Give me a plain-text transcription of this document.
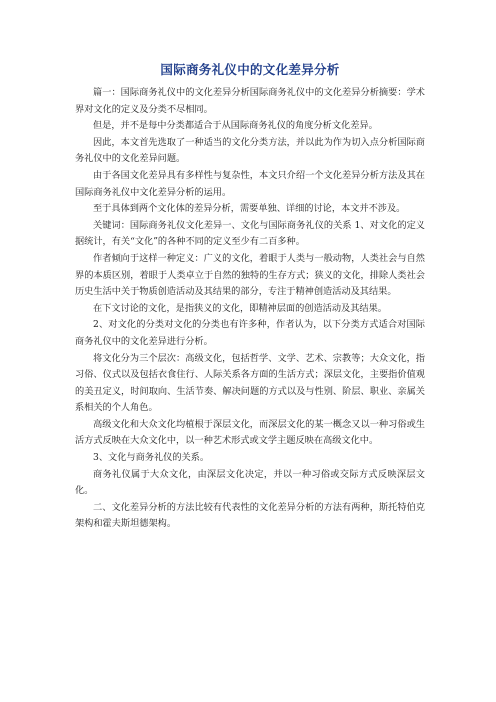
国际商务礼仪中的文化差异分析

篇一：国际商务礼仪中的文化差异分析国际商务礼仪中的文化差异分析摘要：学术界对文化的定义及分类不尽相同。

但是，并不是每中分类都适合于从国际商务礼仪的角度分析文化差异。

因此，本文首先选取了一种适当的文化分类方法，并以此为作为切入点分析国际商务礼仪中的文化差异问题。

由于各国文化差异具有多样性与复杂性，本文只介绍一个文化差异分析方法及其在国际商务礼仪中文化差异分析的运用。

至于具体到两个文化体的差异分析，需要单独、详细的讨论，本文并不涉及。

关键词：国际商务礼仪文化差异一、文化与国际商务礼仪的关系 1、对文化的定义据统计，有关“文化”的各种不同的定义至少有二百多种。

作者倾向于这样一种定义：广义的文化，着眼于人类与一般动物，人类社会与自然界的本质区别，着眼于人类卓立于自然的独特的生存方式；狭义的文化，排除人类社会历史生活中关于物质创造活动及其结果的部分，专注于精神创造活动及其结果。

在下文讨论的文化，是指狭义的文化，即精神层面的创造活动及其结果。

2、对文化的分类对文化的分类也有许多种，作者认为，以下分类方式适合对国际商务礼仪中的文化差异进行分析。

将文化分为三个层次：高级文化，包括哲学、文学、艺术、宗教等；大众文化，指习俗、仪式以及包括衣食住行、人际关系各方面的生活方式；深层文化，主要指价值观的美丑定义，时间取向、生活节奏、解决问题的方式以及与性别、阶层、职业、亲属关系相关的个人角色。

高级文化和大众文化均植根于深层文化，而深层文化的某一概念又以一种习俗或生活方式反映在大众文化中，以一种艺术形式或文学主题反映在高级文化中。

3、文化与商务礼仪的关系。

商务礼仪属于大众文化，由深层文化决定，并以一种习俗或交际方式反映深层文化。

二、文化差异分析的方法比较有代表性的文化差异分析的方法有两种，斯托特伯克架构和霍夫斯坦德架构。
